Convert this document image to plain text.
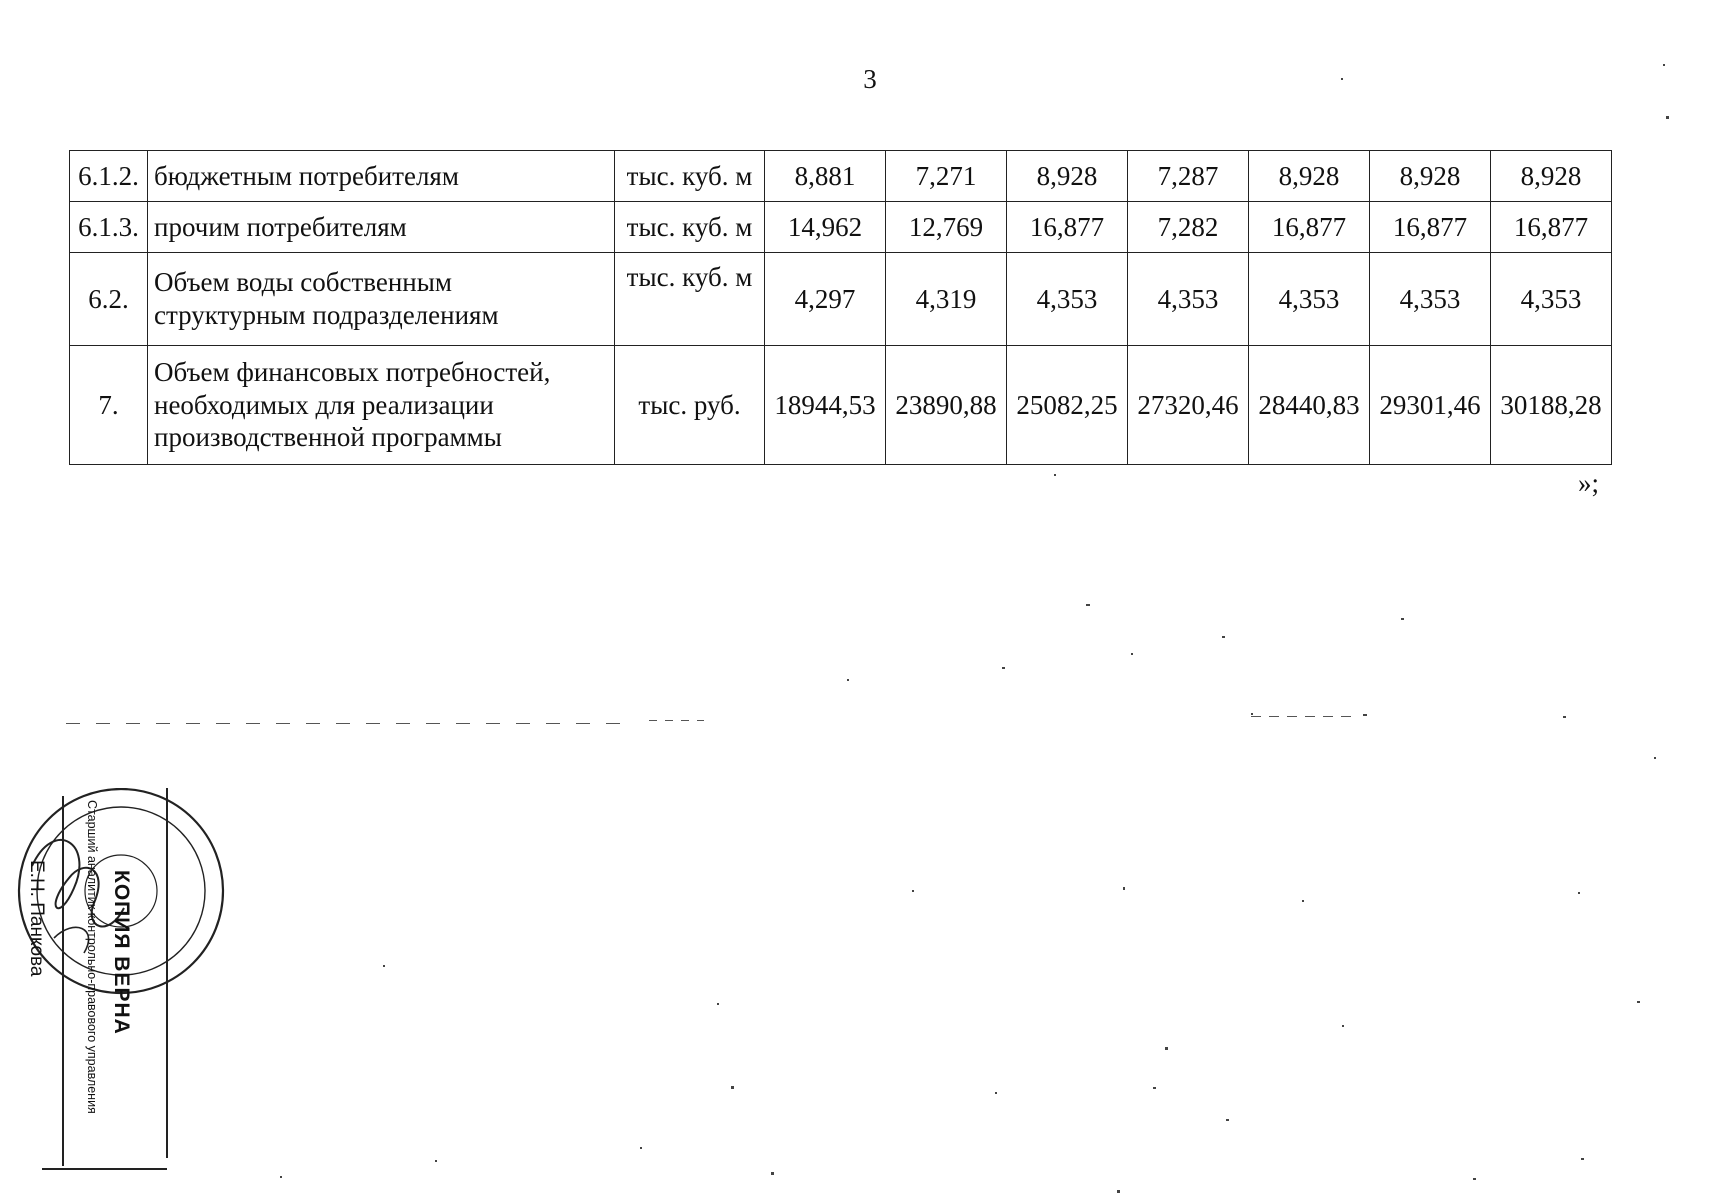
3
6.1.2.	бюджетным потребителям	тыс. куб. м	8,881	7,271	8,928	7,287	8,928	8,928	8,928
6.1.3.	прочим потребителям	тыс. куб. м	14,962	12,769	16,877	7,282	16,877	16,877	16,877
6.2.	Объем воды собственным структурным подразделениям	тыс. куб. м	4,297	4,319	4,353	4,353	4,353	4,353	4,353
7.	Объем финансовых потребностей, необходимых для реализации производственной программы	тыс. руб.	18944,53	23890,88	25082,25	27320,46	28440,83	29301,46	30188,28
»;
КОПИЯ ВЕРНА
Старший аналитик контрольно-правового управления
Е.Н. Панкова
